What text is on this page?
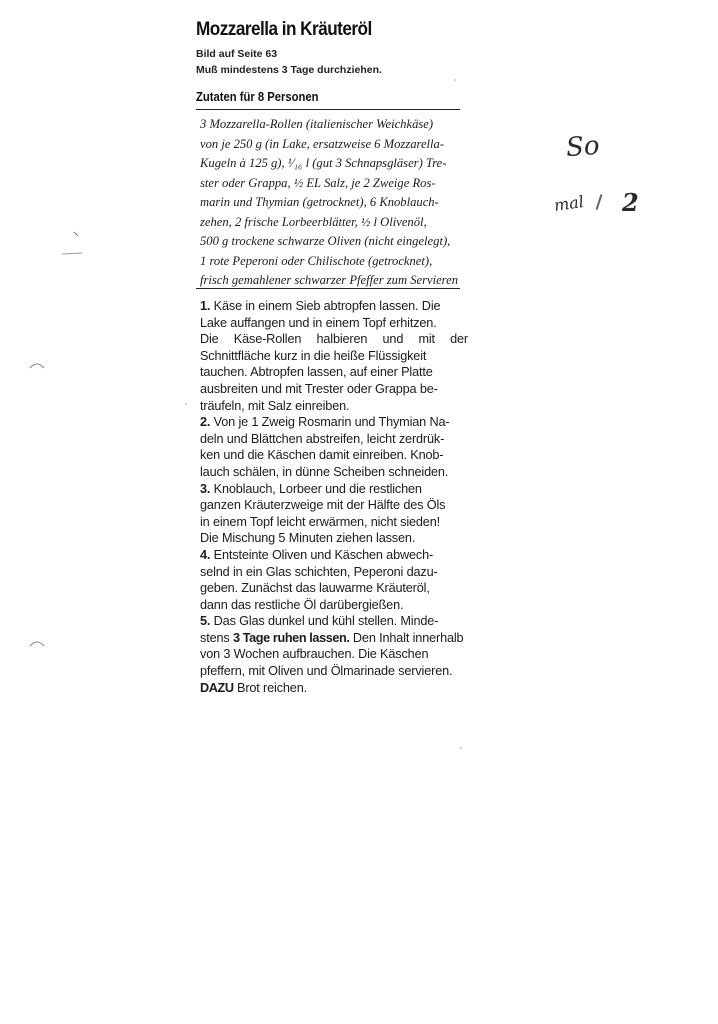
Mozzarella in Kräuteröl
Bild auf Seite 63
Muß mindestens 3 Tage durchziehen.
Zutaten für 8 Personen
3 Mozzarella-Rollen (italienischer Weichkäse)
von je 250 g (in Lake, ersatzweise 6 Mozzarella-
Kugeln à 125 g), ¹⁄₁₆ l (gut 3 Schnapsgläser) Tre-
ster oder Grappa, ½ EL Salz, je 2 Zweige Ros-
marin und Thymian (getrocknet), 6 Knoblauch-
zehen, 2 frische Lorbeerblätter, ½ l Olivenöl,
500 g trockene schwarze Oliven (nicht eingelegt),
1 rote Peperoni oder Chilischote (getrocknet),
frisch gemahlener schwarzer Pfeffer zum Servieren
1. Käse in einem Sieb abtropfen lassen. Die
Lake auffangen und in einem Topf erhitzen.
Die Käse-Rollen halbieren und mit der
Schnittfläche kurz in die heiße Flüssigkeit
tauchen. Abtropfen lassen, auf einer Platte
ausbreiten und mit Trester oder Grappa be-
träufeln, mit Salz einreiben.
2. Von je 1 Zweig Rosmarin und Thymian Na-
deln und Blättchen abstreifen, leicht zerdrük-
ken und die Käschen damit einreiben. Knob-
lauch schälen, in dünne Scheiben schneiden.
3. Knoblauch, Lorbeer und die restlichen
ganzen Kräuterzweige mit der Hälfte des Öls
in einem Topf leicht erwärmen, nicht sieden!
Die Mischung 5 Minuten ziehen lassen.
4. Entsteinte Oliven und Käschen abwech-
selnd in ein Glas schichten, Peperoni dazu-
geben. Zunächst das lauwarme Kräuteröl,
dann das restliche Öl darübergießen.
5. Das Glas dunkel und kühl stellen. Minde-
stens 3 Tage ruhen lassen. Den Inhalt innerhalb
von 3 Wochen aufbrauchen. Die Käschen
pfeffern, mit Oliven und Ölmarinade servieren.
DAZU Brot reichen.
So
mal 2
